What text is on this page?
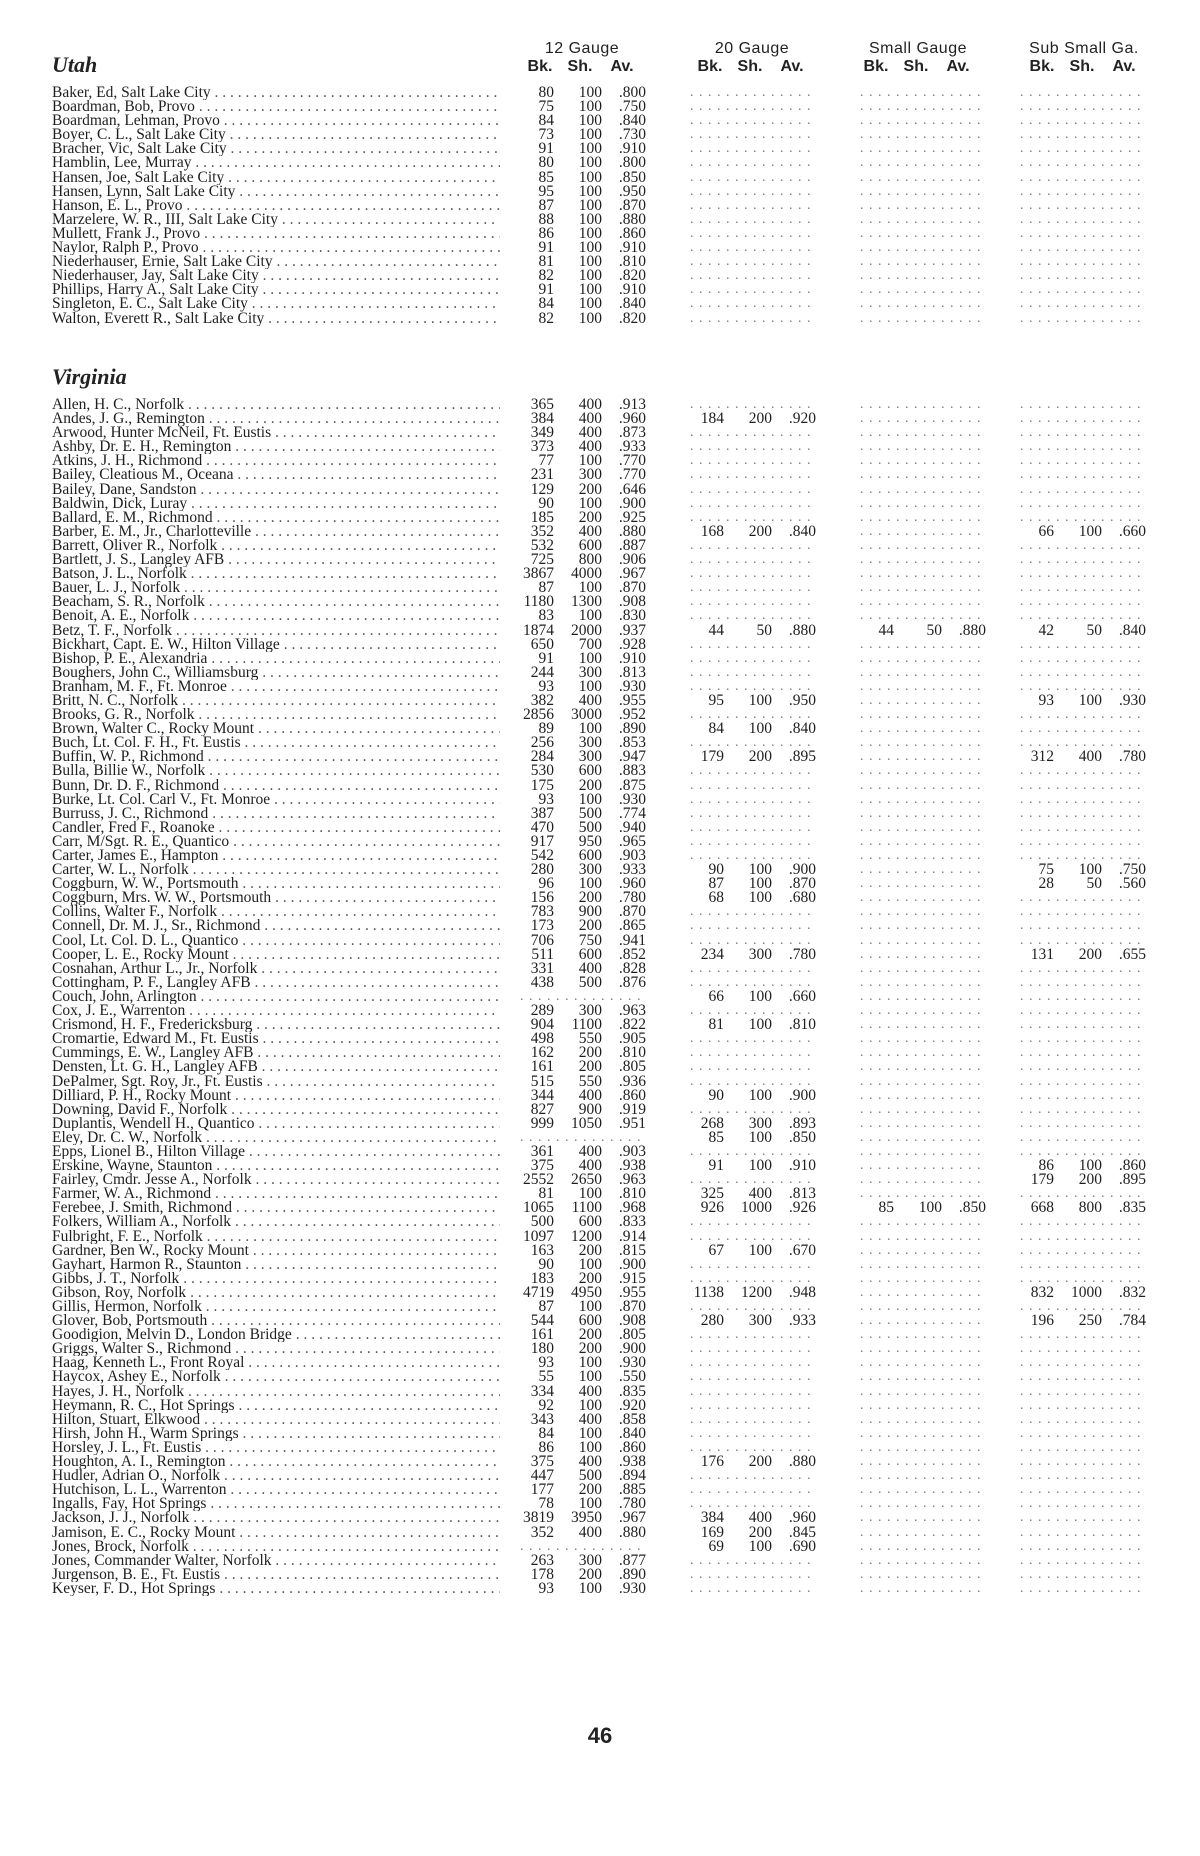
12 Gauge
Bk. Sh. Av.
20 Gauge
Bk. Sh. Av.
Small Gauge
Bk. Sh. Av.
Sub Small Ga.
Bk. Sh. Av.
Utah
Baker, Ed, Salt Lake City . . .	80	100	.800	. . . . . . . . . . . . . .	. . . . . . . . . . . . . .	. . . . . . . . . . . . . .
Boardman, Bob, Provo . . .	75	100	.750	. . . . . . . . . . . . . .	. . . . . . . . . . . . . .	. . . . . . . . . . . . . .
Boardman, Lehman, Provo . . .	84	100	.840	. . . . . . . . . . . . . .	. . . . . . . . . . . . . .	. . . . . . . . . . . . . .
Boyer, C. L., Salt Lake City . . .	73	100	.730	. . . . . . . . . . . . . .	. . . . . . . . . . . . . .	. . . . . . . . . . . . . .
Bracher, Vic, Salt Lake City . . .	91	100	.910	. . . . . . . . . . . . . .	. . . . . . . . . . . . . .	. . . . . . . . . . . . . .
Hamblin, Lee, Murray . . .	80	100	.800	. . . . . . . . . . . . . .	. . . . . . . . . . . . . .	. . . . . . . . . . . . . .
Hansen, Joe, Salt Lake City . . .	85	100	.850	. . . . . . . . . . . . . .	. . . . . . . . . . . . . .	. . . . . . . . . . . . . .
Hansen, Lynn, Salt Lake City . . .	95	100	.950	. . . . . . . . . . . . . .	. . . . . . . . . . . . . .	. . . . . . . . . . . . . .
Hanson, E. L., Provo . . .	87	100	.870	. . . . . . . . . . . . . .	. . . . . . . . . . . . . .	. . . . . . . . . . . . . .
Marzelere, W. R., III, Salt Lake City . . .	88	100	.880	. . . . . . . . . . . . . .	. . . . . . . . . . . . . .	. . . . . . . . . . . . . .
Mullett, Frank J., Provo . . .	86	100	.860	. . . . . . . . . . . . . .	. . . . . . . . . . . . . .	. . . . . . . . . . . . . .
Naylor, Ralph P., Provo . . .	91	100	.910	. . . . . . . . . . . . . .	. . . . . . . . . . . . . .	. . . . . . . . . . . . . .
Niederhauser, Ernie, Salt Lake City . . .	81	100	.810	. . . . . . . . . . . . . .	. . . . . . . . . . . . . .	. . . . . . . . . . . . . .
Niederhauser, Jay, Salt Lake City . . .	82	100	.820	. . . . . . . . . . . . . .	. . . . . . . . . . . . . .	. . . . . . . . . . . . . .
Phillips, Harry A., Salt Lake City . . .	91	100	.910	. . . . . . . . . . . . . .	. . . . . . . . . . . . . .	. . . . . . . . . . . . . .
Singleton, E. C., Salt Lake City . . .	84	100	.840	. . . . . . . . . . . . . .	. . . . . . . . . . . . . .	. . . . . . . . . . . . . .
Walton, Everett R., Salt Lake City . . .	82	100	.820	. . . . . . . . . . . . . .	. . . . . . . . . . . . . .	. . . . . . . . . . . . . .
Virginia
Allen, H. C., Norfolk . . .	365	400	.913	. . . . . . . . . . . . . .	. . . . . . . . . . . . . .	. . . . . . . . . . . . . .
Andes, J. G., Remington . . .	384	400	.960	184	200	.920	. . . . . . . . . . . . . .	. . . . . . . . . . . . . .
Arwood, Hunter McNeil, Ft. Eustis . . .	349	400	.873	. . . . . . . . . . . . . .	. . . . . . . . . . . . . .	. . . . . . . . . . . . . .
Ashby, Dr. E. H., Remington . . .	373	400	.933	. . . . . . . . . . . . . .	. . . . . . . . . . . . . .	. . . . . . . . . . . . . .
Atkins, J. H., Richmond . . .	77	100	.770	. . . . . . . . . . . . . .	. . . . . . . . . . . . . .	. . . . . . . . . . . . . .
Bailey, Cleatious M., Oceana . . .	231	300	.770	. . . . . . . . . . . . . .	. . . . . . . . . . . . . .	. . . . . . . . . . . . . .
Bailey, Dane, Sandston . . .	129	200	.646	. . . . . . . . . . . . . .	. . . . . . . . . . . . . .	. . . . . . . . . . . . . .
Baldwin, Dick, Luray . . .	90	100	.900	. . . . . . . . . . . . . .	. . . . . . . . . . . . . .	. . . . . . . . . . . . . .
Ballard, E. M., Richmond . . .	185	200	.925	. . . . . . . . . . . . . .	. . . . . . . . . . . . . .	. . . . . . . . . . . . . .
Barber, E. M., Jr., Charlotteville . . .	352	400	.880	168	200	.840	. . . . . . . . . . . . . .	66	100	.660
Barrett, Oliver R., Norfolk . . .	532	600	.887	. . . . . . . . . . . . . .	. . . . . . . . . . . . . .	. . . . . . . . . . . . . .
Bartlett, J. S., Langley AFB . . .	725	800	.906	. . . . . . . . . . . . . .	. . . . . . . . . . . . . .	. . . . . . . . . . . . . .
Batson, J. L., Norfolk . . .	3867	4000	.967	. . . . . . . . . . . . . .	. . . . . . . . . . . . . .	. . . . . . . . . . . . . .
Bauer, L. J., Norfolk . . .	87	100	.870	. . . . . . . . . . . . . .	. . . . . . . . . . . . . .	. . . . . . . . . . . . . .
Beacham, S. R., Norfolk . . .	1180	1300	.908	. . . . . . . . . . . . . .	. . . . . . . . . . . . . .	. . . . . . . . . . . . . .
Benoit, A. E., Norfolk . . .	83	100	.830	. . . . . . . . . . . . . .	. . . . . . . . . . . . . .	. . . . . . . . . . . . . .
Betz, T. F., Norfolk . . .	1874	2000	.937	44	50	.880	44	50	.880	42	50	.840
Bickhart, Capt. E. W., Hilton Village . . .	650	700	.928	. . . . . . . . . . . . . .	. . . . . . . . . . . . . .	. . . . . . . . . . . . . .
Bishop, P. E., Alexandria . . .	91	100	.910	. . . . . . . . . . . . . .	. . . . . . . . . . . . . .	. . . . . . . . . . . . . .
Boughers, John C., Williamsburg . . .	244	300	.813	. . . . . . . . . . . . . .	. . . . . . . . . . . . . .	. . . . . . . . . . . . . .
Branham, M. F., Ft. Monroe . . .	93	100	.930	. . . . . . . . . . . . . .	. . . . . . . . . . . . . .	. . . . . . . . . . . . . .
Britt, N. C., Norfolk . . .	382	400	.955	95	100	.950	. . . . . . . . . . . . . .	93	100	.930
Brooks, G. R., Norfolk . . .	2856	3000	.952	. . . . . . . . . . . . . .	. . . . . . . . . . . . . .	. . . . . . . . . . . . . .
Brown, Walter C., Rocky Mount . . .	89	100	.890	84	100	.840	. . . . . . . . . . . . . .	. . . . . . . . . . . . . .
Buch, Lt. Col. F. H., Ft. Eustis . . .	256	300	.853	. . . . . . . . . . . . . .	. . . . . . . . . . . . . .	. . . . . . . . . . . . . .
Buffin, W. P., Richmond . . .	284	300	.947	179	200	.895	. . . . . . . . . . . . . .	312	400	.780
Bulla, Billie W., Norfolk . . .	530	600	.883	. . . . . . . . . . . . . .	. . . . . . . . . . . . . .	. . . . . . . . . . . . . .
Bunn, Dr. D. F., Richmond . . .	175	200	.875	. . . . . . . . . . . . . .	. . . . . . . . . . . . . .	. . . . . . . . . . . . . .
Burke, Lt. Col. Carl V., Ft. Monroe . . .	93	100	.930	. . . . . . . . . . . . . .	. . . . . . . . . . . . . .	. . . . . . . . . . . . . .
Burruss, J. C., Richmond . . .	387	500	.774	. . . . . . . . . . . . . .	. . . . . . . . . . . . . .	. . . . . . . . . . . . . .
Candler, Fred F., Roanoke . . .	470	500	.940	. . . . . . . . . . . . . .	. . . . . . . . . . . . . .	. . . . . . . . . . . . . .
Carr, M/Sgt. R. E., Quantico . . .	917	950	.965	. . . . . . . . . . . . . .	. . . . . . . . . . . . . .	. . . . . . . . . . . . . .
Carter, James E., Hampton . . .	542	600	.903	. . . . . . . . . . . . . .	. . . . . . . . . . . . . .	. . . . . . . . . . . . . .
Carter, W. L., Norfolk . . .	280	300	.933	90	100	.900	. . . . . . . . . . . . . .	75	100	.750
Coggburn, W. W., Portsmouth . . .	96	100	.960	87	100	.870	. . . . . . . . . . . . . .	28	50	.560
Coggburn, Mrs. W. W., Portsmouth . . .	156	200	.780	68	100	.680	. . . . . . . . . . . . . .	. . . . . . . . . . . . . .
Collins, Walter F., Norfolk . . .	783	900	.870	. . . . . . . . . . . . . .	. . . . . . . . . . . . . .	. . . . . . . . . . . . . .
Connell, Dr. M. J., Sr., Richmond . . .	173	200	.865	. . . . . . . . . . . . . .	. . . . . . . . . . . . . .	. . . . . . . . . . . . . .
Cool, Lt. Col. D. L., Quantico . . .	706	750	.941	. . . . . . . . . . . . . .	. . . . . . . . . . . . . .	. . . . . . . . . . . . . .
Cooper, L. E., Rocky Mount . . .	511	600	.852	234	300	.780	. . . . . . . . . . . . . .	131	200	.655
Cosnahan, Arthur L., Jr., Norfolk . . .	331	400	.828	. . . . . . . . . . . . . .	. . . . . . . . . . . . . .	. . . . . . . . . . . . . .
Cottingham, P. F., Langley AFB . . .	438	500	.876	. . . . . . . . . . . . . .	. . . . . . . . . . . . . .	. . . . . . . . . . . . . .
Couch, John, Arlington . . .	. . . . . . . . . . . . . .	66	100	.660	. . . . . . . . . . . . . .	. . . . . . . . . . . . . .
Cox, J. E., Warrenton . . .	289	300	.963	. . . . . . . . . . . . . .	. . . . . . . . . . . . . .	. . . . . . . . . . . . . .
Crismond, H. F., Fredericksburg . . .	904	1100	.822	81	100	.810	. . . . . . . . . . . . . .	. . . . . . . . . . . . . .
Cromartie, Edward M., Ft. Eustis . . .	498	550	.905	. . . . . . . . . . . . . .	. . . . . . . . . . . . . .	. . . . . . . . . . . . . .
Cummings, E. W., Langley AFB . . .	162	200	.810	. . . . . . . . . . . . . .	. . . . . . . . . . . . . .	. . . . . . . . . . . . . .
Densten, Lt. G. H., Langley AFB . . .	161	200	.805	. . . . . . . . . . . . . .	. . . . . . . . . . . . . .	. . . . . . . . . . . . . .
DePalmer, Sgt. Roy, Jr., Ft. Eustis . . .	515	550	.936	. . . . . . . . . . . . . .	. . . . . . . . . . . . . .	. . . . . . . . . . . . . .
Dilliard, P. H., Rocky Mount . . .	344	400	.860	90	100	.900	. . . . . . . . . . . . . .	. . . . . . . . . . . . . .
Downing, David F., Norfolk . . .	827	900	.919	. . . . . . . . . . . . . .	. . . . . . . . . . . . . .	. . . . . . . . . . . . . .
Duplantis, Wendell H., Quantico . . .	999	1050	.951	268	300	.893	. . . . . . . . . . . . . .	. . . . . . . . . . . . . .
Eley, Dr. C. W., Norfolk . . .	. . . . . . . . . . . . . .	85	100	.850	. . . . . . . . . . . . . .	. . . . . . . . . . . . . .
Epps, Lionel B., Hilton Village . . .	361	400	.903	. . . . . . . . . . . . . .	. . . . . . . . . . . . . .	. . . . . . . . . . . . . .
Erskine, Wayne, Staunton . . .	375	400	.938	91	100	.910	. . . . . . . . . . . . . .	86	100	.860
Fairley, Cmdr. Jesse A., Norfolk . . .	2552	2650	.963	. . . . . . . . . . . . . .	. . . . . . . . . . . . . .	179	200	.895
Farmer, W. A., Richmond . . .	81	100	.810	325	400	.813	. . . . . . . . . . . . . .	. . . . . . . . . . . . . .
Ferebee, J. Smith, Richmond . . .	1065	1100	.968	926	1000	.926	85	100	.850	668	800	.835
Folkers, William A., Norfolk . . .	500	600	.833	. . . . . . . . . . . . . .	. . . . . . . . . . . . . .	. . . . . . . . . . . . . .
Fulbright, F. E., Norfolk . . .	1097	1200	.914	. . . . . . . . . . . . . .	. . . . . . . . . . . . . .	. . . . . . . . . . . . . .
Gardner, Ben W., Rocky Mount . . .	163	200	.815	67	100	.670	. . . . . . . . . . . . . .	. . . . . . . . . . . . . .
Gayhart, Harmon R., Staunton . . .	90	100	.900	. . . . . . . . . . . . . .	. . . . . . . . . . . . . .	. . . . . . . . . . . . . .
Gibbs, J. T., Norfolk . . .	183	200	.915	. . . . . . . . . . . . . .	. . . . . . . . . . . . . .	. . . . . . . . . . . . . .
Gibson, Roy, Norfolk . . .	4719	4950	.955	1138	1200	.948	. . . . . . . . . . . . . .	832	1000	.832
Gillis, Hermon, Norfolk . . .	87	100	.870	. . . . . . . . . . . . . .	. . . . . . . . . . . . . .	. . . . . . . . . . . . . .
Glover, Bob, Portsmouth . . .	544	600	.908	280	300	.933	. . . . . . . . . . . . . .	196	250	.784
Goodigion, Melvin D., London Bridge . . .	161	200	.805	. . . . . . . . . . . . . .	. . . . . . . . . . . . . .	. . . . . . . . . . . . . .
Griggs, Walter S., Richmond . . .	180	200	.900	. . . . . . . . . . . . . .	. . . . . . . . . . . . . .	. . . . . . . . . . . . . .
Haag, Kenneth L., Front Royal . . .	93	100	.930	. . . . . . . . . . . . . .	. . . . . . . . . . . . . .	. . . . . . . . . . . . . .
Haycox, Ashey E., Norfolk . . .	55	100	.550	. . . . . . . . . . . . . .	. . . . . . . . . . . . . .	. . . . . . . . . . . . . .
Hayes, J. H., Norfolk . . .	334	400	.835	. . . . . . . . . . . . . .	. . . . . . . . . . . . . .	. . . . . . . . . . . . . .
Heymann, R. C., Hot Springs . . .	92	100	.920	. . . . . . . . . . . . . .	. . . . . . . . . . . . . .	. . . . . . . . . . . . . .
Hilton, Stuart, Elkwood . . .	343	400	.858	. . . . . . . . . . . . . .	. . . . . . . . . . . . . .	. . . . . . . . . . . . . .
Hirsh, John H., Warm Springs . . .	84	100	.840	. . . . . . . . . . . . . .	. . . . . . . . . . . . . .	. . . . . . . . . . . . . .
Horsley, J. L., Ft. Eustis . . .	86	100	.860	. . . . . . . . . . . . . .	. . . . . . . . . . . . . .	. . . . . . . . . . . . . .
Houghton, A. I., Remington . . .	375	400	.938	176	200	.880	. . . . . . . . . . . . . .	. . . . . . . . . . . . . .
Hudler, Adrian O., Norfolk . . .	447	500	.894	. . . . . . . . . . . . . .	. . . . . . . . . . . . . .	. . . . . . . . . . . . . .
Hutchison, L. L., Warrenton . . .	177	200	.885	. . . . . . . . . . . . . .	. . . . . . . . . . . . . .	. . . . . . . . . . . . . .
Ingalls, Fay, Hot Springs . . .	78	100	.780	. . . . . . . . . . . . . .	. . . . . . . . . . . . . .	. . . . . . . . . . . . . .
Jackson, J. J., Norfolk . . .	3819	3950	.967	384	400	.960	. . . . . . . . . . . . . .	. . . . . . . . . . . . . .
Jamison, E. C., Rocky Mount . . .	352	400	.880	169	200	.845	. . . . . . . . . . . . . .	. . . . . . . . . . . . . .
Jones, Brock, Norfolk . . .	. . . . . . . . . . . . . .	69	100	.690	. . . . . . . . . . . . . .	. . . . . . . . . . . . . .
Jones, Commander Walter, Norfolk . . .	263	300	.877	. . . . . . . . . . . . . .	. . . . . . . . . . . . . .	. . . . . . . . . . . . . .
Jurgenson, B. E., Ft. Eustis . . .	178	200	.890	. . . . . . . . . . . . . .	. . . . . . . . . . . . . .	. . . . . . . . . . . . . .
Keyser, F. D., Hot Springs . . .	93	100	.930	. . . . . . . . . . . . . .	. . . . . . . . . . . . . .	. . . . . . . . . . . . . .
46
